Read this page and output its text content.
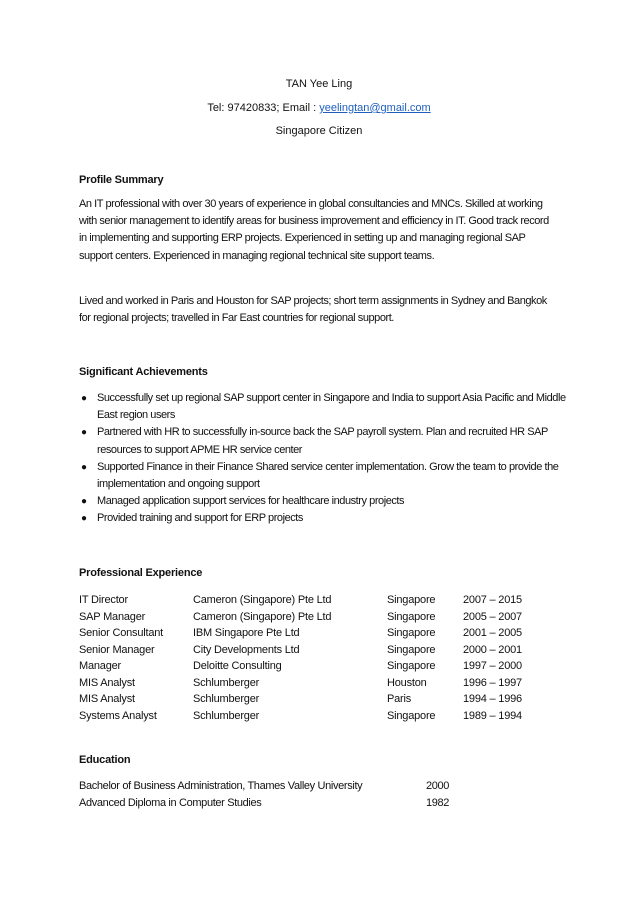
TAN Yee Ling
Tel: 97420833; Email : yeelingtan@gmail.com
Singapore Citizen
Profile Summary
An IT professional with over 30 years of experience in global consultancies and MNCs. Skilled at working with senior management to identify areas for business improvement and efficiency in IT. Good track record in implementing and supporting ERP projects. Experienced in setting up and managing regional SAP support centers. Experienced in managing regional technical site support teams.
Lived and worked in Paris and Houston for SAP projects; short term assignments in Sydney and Bangkok for regional projects; travelled in Far East countries for regional support.
Significant Achievements
● Successfully set up regional SAP support center in Singapore and India to support Asia Pacific and Middle East region users
● Partnered with HR to successfully in-source back the SAP payroll system. Plan and recruited HR SAP resources to support APME HR service center
● Supported Finance in their Finance Shared service center implementation. Grow the team to provide the implementation and ongoing support
● Managed application support services for healthcare industry projects
● Provided training and support for ERP projects
Professional Experience
IT Director	Cameron (Singapore) Pte Ltd	Singapore	2007 – 2015
SAP Manager	Cameron (Singapore) Pte Ltd	Singapore	2005 – 2007
Senior Consultant	IBM Singapore Pte Ltd	Singapore	2001 – 2005
Senior Manager	City Developments Ltd	Singapore	2000 – 2001
Manager	Deloitte Consulting	Singapore	1997 – 2000
MIS Analyst	Schlumberger	Houston	1996 – 1997
MIS Analyst	Schlumberger	Paris	1994 – 1996
Systems Analyst	Schlumberger	Singapore	1989 – 1994
Education
Bachelor of Business Administration, Thames Valley University	2000
Advanced Diploma in Computer Studies	1982
